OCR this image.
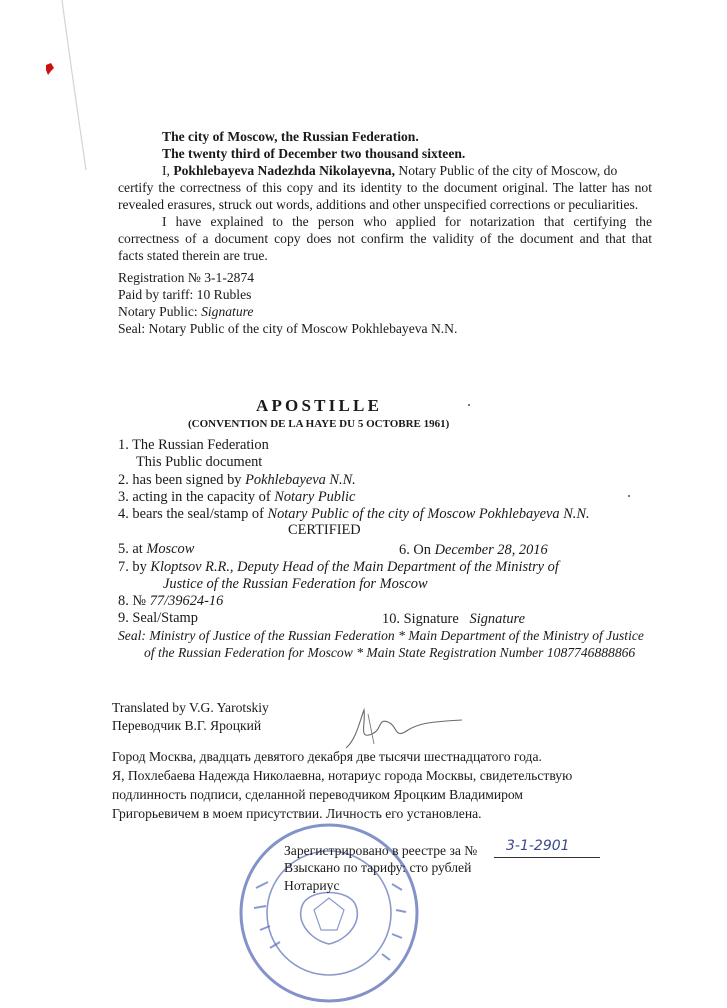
The city of Moscow, the Russian Federation.
The twenty third of December two thousand sixteen.
I, Pokhlebayeva Nadezhda Nikolayevna, Notary Public of the city of Moscow, do
certify the correctness of this copy and its identity to the document original. The latter has not
revealed erasures, struck out words, additions and other unspecified corrections or peculiarities.
I have explained to the person who applied for notarization that certifying the
correctness of a document copy does not confirm the validity of the document and that that
facts stated therein are true.
Registration № 3-1-2874
Paid by tariff: 10 Rubles
Notary Public: Signature
Seal: Notary Public of the city of Moscow Pokhlebayeva N.N.
APOSTILLE
(CONVENTION DE LA HAYE DU 5 OCTOBRE 1961)
1. The Russian Federation
This Public document
2. has been signed by Pokhlebayeva N.N.
3. acting in the capacity of Notary Public
4. bears the seal/stamp of Notary Public of the city of Moscow Pokhlebayeva N.N.
CERTIFIED
5. at Moscow	6. On December 28, 2016
7. by Kloptsov R.R., Deputy Head of the Main Department of the Ministry of
Justice of the Russian Federation for Moscow
8. № 77/39624-16
9. Seal/Stamp	10. Signature Signature
Seal: Ministry of Justice of the Russian Federation * Main Department of the Ministry of Justice
of the Russian Federation for Moscow * Main State Registration Number 1087746888866
Translated by V.G. Yarotskiy
Переводчик В.Г. Яроцкий
Город Москва, двадцать девятого декабря две тысячи шестнадцатого года.
Я, Похлебаева Надежда Николаевна, нотариус города Москвы, свидетельствую
подлинность подписи, сделанной переводчиком Яроцким Владимиром
Григорьевичем в моем присутствии. Личность его установлена.
Зарегистрировано в реестре за № 3-1-2901
Взыскано по тарифу: сто рублей
Нотариус
